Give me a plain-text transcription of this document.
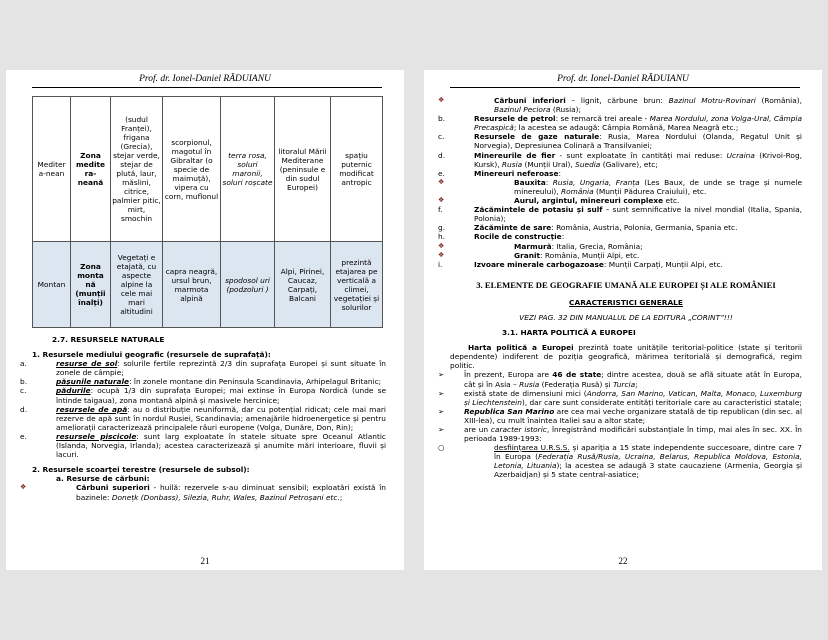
Prof. dr. Ionel-Daniel RĂDUIANU
Mediter a-nean	Zona medite ra-neană	(sudul Franței), frigana (Grecia), stejar verde, stejar de plută, laur, măslini, citrice, palmier pitic, mirt, smochin	scorpionul, magotul în Gibraltar (o specie de maimuță), vipera cu corn, muflonul	terra rosa, soluri maronii, soluri roșcate	litoralul Mării Mediterane (peninsule e din sudul Europei)	spațiu puternic modificat antropic
Montan	Zona monta nă (munții înalți)	Vegetați e etajată, cu aspecte alpine la cele mai mari altitudini	capra neagră, ursul brun, marmota alpină	spodosol uri (podzoluri )	Alpi, Pirinei, Caucaz, Carpați, Balcani	prezintă etajarea pe verticală a climei, vegetației și solurilor

2.7. RESURSELE NATURALE

1. Resursele mediului geografic (resursele de suprafață):

a.	resurse de sol: solurile fertile reprezintă 2/3 din suprafața Europei și sunt situate în zonele de câmpie;
b.	pășunile naturale: în zonele montane din Peninsula Scandinavia, Arhipelagul Britanic;
c.	pădurile: ocupă 1/3 din suprafața Europei; mai extinse în Europa Nordică (unde se întinde taigaua), zona montană alpină și masivele hercinice;
d.	resursele de apă: au o distribuție neuniformă, dar cu potențial ridicat; cele mai mari rezerve de apă sunt în nordul Rusiei, Scandinavia; amenajările hidroenergetice și pentru ameliorații caracterizează principalele râuri europene (Volga, Dunăre, Don, Rin);
e.	resursele piscicole: sunt larg exploatate în statele situate spre Oceanul Atlantic (Islanda, Norvegia, Irlanda); acestea caracterizează și anumite mări interioare, fluvii și lacuri.

2. Resursele scoarței terestre (resursele de subsol):

a. Resurse de cărbuni:

❖	Cărbuni superiori - huilă: rezervele s-au diminuat sensibil; exploatări există în bazinele: Donețk (Donbass), Silezia, Ruhr, Wales, Bazinul Petroșani etc.;
21
Prof. dr. Ionel-Daniel RĂDUIANU
❖	Cărbuni inferiori – lignit, cărbune brun: Bazinul Motru-Rovinari (România), Bazinul Peciora (Rusia);
b.	Resursele de petrol: se remarcă trei areale - Marea Nordului, zona Volga-Ural, Câmpia Precaspică; la acestea se adaugă: Câmpia Română, Marea Neagră etc.;
c.	Resursele de gaze naturale: Rusia, Marea Nordului (Olanda, Regatul Unit și Norvegia), Depresiunea Colinară a Transilvaniei;
d.	Minereurile de fier - sunt exploatate în cantități mai reduse: Ucraina (Krivoi-Rog, Kursk), Rusia (Munții Ural), Suedia (Galivare), etc;
e.	Minereuri neferoase:
❖	Bauxita: Rusia, Ungaria, Franța (Les Baux, de unde se trage și numele minereului), România (Munții Pădurea Craiului), etc.
❖	Aurul, argintul, minereuri complexe etc.
f.	Zăcămintele de potasiu și sulf – sunt semnificative la nivel mondial (Italia, Spania, Polonia);
g.	Zăcăminte de sare: România, Austria, Polonia, Germania, Spania etc.
h.	Rocile de construcție:
❖	Marmură: Italia, Grecia, România;
❖	Granit: România, Munții Alpi, etc.
i.	Izvoare minerale carbogazoase: Munții Carpați, Munții Alpi, etc.

3. ELEMENTE DE GEOGRAFIE UMANĂ ALE EUROPEI ȘI ALE ROMÂNIEI

CARACTERISTICI GENERALE

VEZI PAG. 32 DIN MANUALUL DE LA EDITURA „CORINT”!!!

3.1. HARTA POLITICĂ A EUROPEI

Harta politică a Europei prezintă toate unitățile teritorial-politice (state și teritorii dependente) indiferent de poziția geografică, mărimea teritorială și demografică, regim politic.

➢	În prezent, Europa are 46 de state; dintre acestea, două se află situate atât în Europa, cât și în Asia – Rusia (Federația Rusă) și Turcia;
➢	există state de dimensiuni mici (Andorra, San Marino, Vatican, Malta, Monaco, Luxemburg și Liechtenstein), dar care sunt considerate entități teritoriale care au caracteristici statale;
➢	Republica San Marino are cea mai veche organizare statală de tip republican (din sec. al XIII-lea), cu mult înaintea Italiei sau a altor state;
➢	are un caracter istoric, înregistrând modificări substanțiale în timp, mai ales în sec. XX. În perioada 1989-1993:
○	desființarea U.R.S.S. și apariția a 15 state independente succesoare, dintre care 7 în Europa (Federația Rusă/Rusia, Ucraina, Belarus, Republica Moldova, Estonia, Letonia, Lituania); la acestea se adaugă 3 state caucaziene (Armenia, Georgia și Azerbaidjan) și 5 state central-asiatice;
22
